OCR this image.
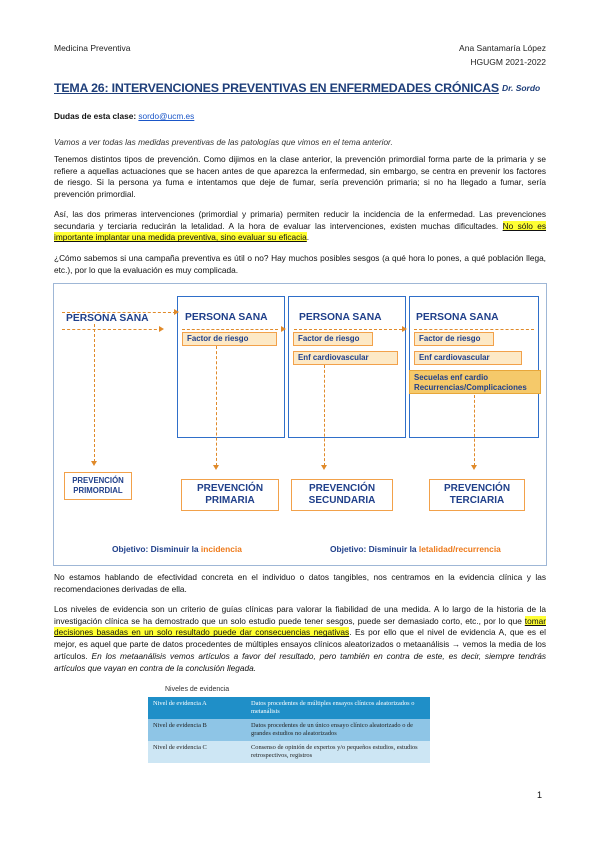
Medicina Preventiva	Ana Santamaría López
HGUGM 2021-2022
TEMA 26: INTERVENCIONES PREVENTIVAS EN ENFERMEDADES CRÓNICAS Dr. Sordo
Dudas de esta clase: sordo@ucm.es
Vamos a ver todas las medidas preventivas de las patologías que vimos en el tema anterior.
Tenemos distintos tipos de prevención. Como dijimos en la clase anterior, la prevención primordial forma parte de la primaria y se refiere a aquellas actuaciones que se hacen antes de que aparezca la enfermedad, sin embargo, se centra en prevenir los factores de riesgo. Si la persona ya fuma e intentamos que deje de fumar, sería prevención primaria; si no ha llegado a fumar, sería prevención primordial.
Así, las dos primeras intervenciones (primordial y primaria) permiten reducir la incidencia de la enfermedad. Las prevenciones secundaria y terciaria reducirán la letalidad. A la hora de evaluar las intervenciones, existen muchas dificultades. No sólo es importante implantar una medida preventiva, sino evaluar su eficacia.
¿Cómo sabemos si una campaña preventiva es útil o no? Hay muchos posibles sesgos (a qué hora lo pones, a qué población llega, etc.), por lo que la evaluación es muy complicada.
PERSONA SANA	PERSONA SANA	PERSONA SANA	PERSONA SANA
Factor de riesgo	Factor de riesgo
Enf cardiovascular
Factor de riesgo
Enf cardiovascular
Secuelas enf cardio Recurrencias/Complicaciones
PREVENCIÓN PRIMORDIAL	PREVENCIÓN PRIMARIA
PREVENCIÓN SECUNDARIA
PREVENCIÓN TERCIARIA
Objetivo: Disminuir la incidencia	Objetivo: Disminuir la letalidad/recurrencia
No estamos hablando de efectividad concreta en el individuo o datos tangibles, nos centramos en la evidencia clínica y las recomendaciones derivadas de ella.
Los niveles de evidencia son un criterio de guías clínicas para valorar la fiabilidad de una medida. A lo largo de la historia de la investigación clínica se ha demostrado que un solo estudio puede tener sesgos, puede ser demasiado corto, etc., por lo que tomar decisiones basadas en un solo resultado puede dar consecuencias negativas. Es por ello que el nivel de evidencia A, que es el mejor, es aquel que parte de datos procedentes de múltiples ensayos clínicos aleatorizados o metaanálisis → vemos la media de los artículos. En los metaanálisis vemos artículos a favor del resultado, pero también en contra de este, es decir, siempre tendrás artículos que vayan en contra de la conclusión llegada.
Niveles de evidencia
Nivel de evidencia A	Datos procedentes de múltiples ensayos clínicos aleatorizados o metanálisis
Nivel de evidencia B	Datos procedentes de un único ensayo clínico aleatorizado o de grandes estudios no aleatorizados
Nivel de evidencia C	Consenso de opinión de expertos y/o pequeños estudios, estudios retrospectivos, registros
1
